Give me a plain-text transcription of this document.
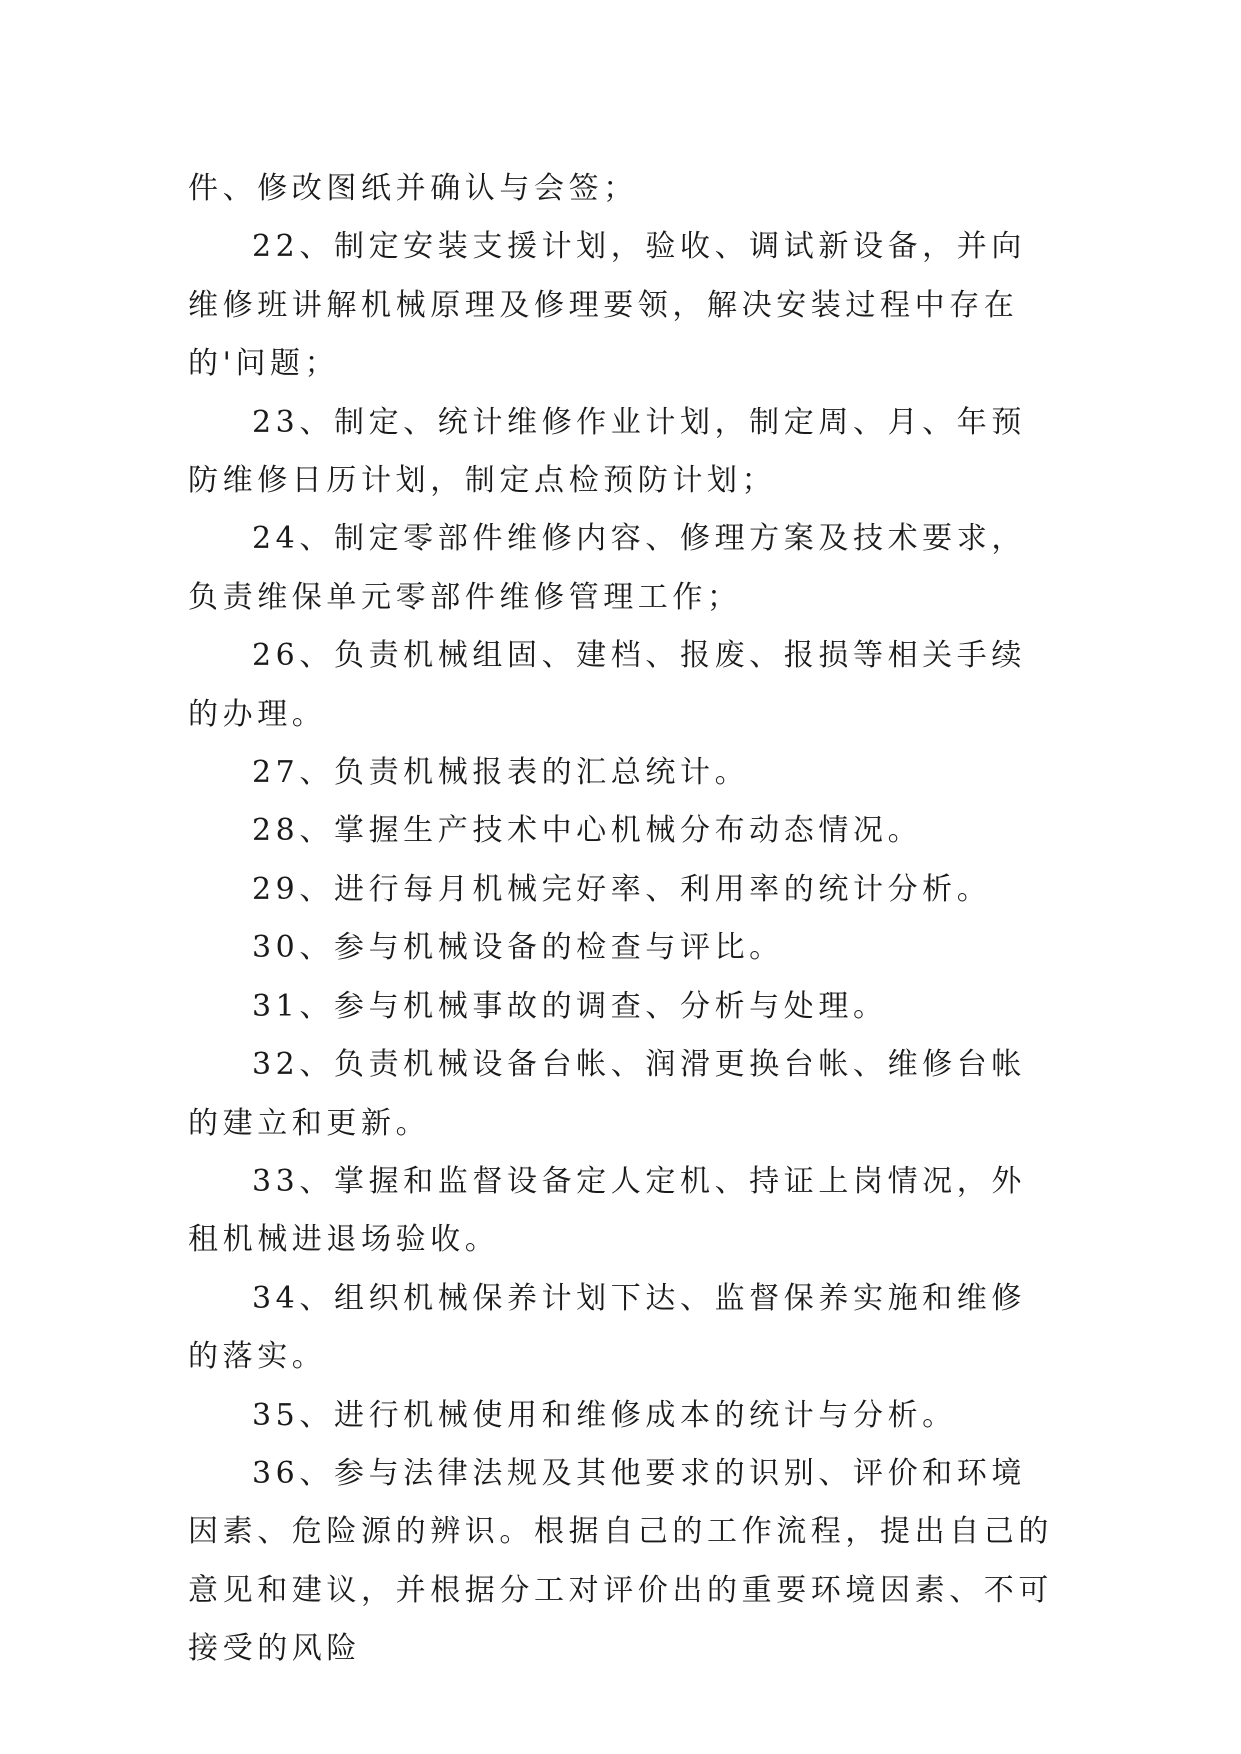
件、修改图纸并确认与会签；

22、制定安装支援计划，验收、调试新设备，并向维修班讲解机械原理及修理要领，解决安装过程中存在的'问题；

23、制定、统计维修作业计划，制定周、月、年预防维修日历计划，制定点检预防计划；

24、制定零部件维修内容、修理方案及技术要求，负责维保单元零部件维修管理工作；

26、负责机械组固、建档、报废、报损等相关手续的办理。

27、负责机械报表的汇总统计。

28、掌握生产技术中心机械分布动态情况。

29、进行每月机械完好率、利用率的统计分析。

30、参与机械设备的检查与评比。

31、参与机械事故的调查、分析与处理。

32、负责机械设备台帐、润滑更换台帐、维修台帐的建立和更新。

33、掌握和监督设备定人定机、持证上岗情况，外租机械进退场验收。

34、组织机械保养计划下达、监督保养实施和维修的落实。

35、进行机械使用和维修成本的统计与分析。

36、参与法律法规及其他要求的识别、评价和环境因素、危险源的辨识。根据自己的工作流程，提出自己的意见和建议，并根据分工对评价出的重要环境因素、不可接受的风险
